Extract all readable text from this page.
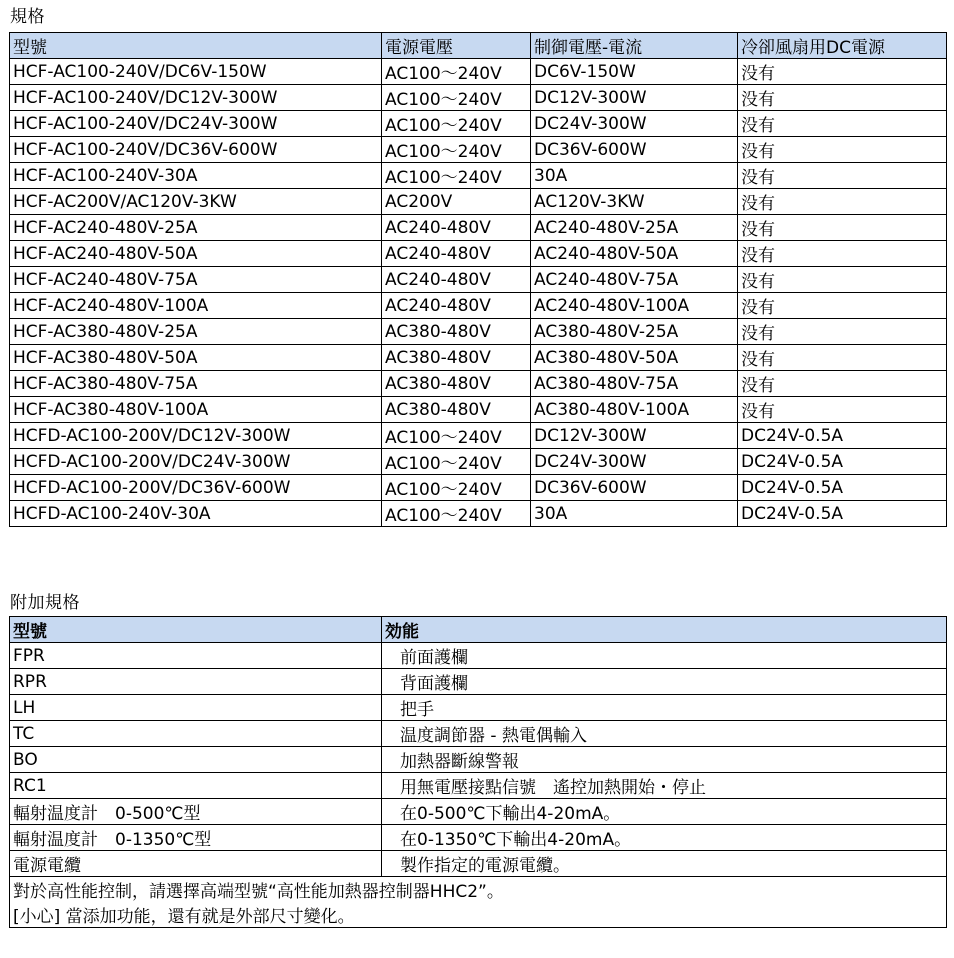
規格
型號	電源電壓	制御電壓-電流	冷卻風扇用DC電源
HCF-AC100-240V/DC6V-150W	AC100〜240V	DC6V-150W	没有
HCF-AC100-240V/DC12V-300W	AC100〜240V	DC12V-300W	没有
HCF-AC100-240V/DC24V-300W	AC100〜240V	DC24V-300W	没有
HCF-AC100-240V/DC36V-600W	AC100〜240V	DC36V-600W	没有
HCF-AC100-240V-30A	AC100〜240V	30A	没有
HCF-AC200V/AC120V-3KW	AC200V	AC120V-3KW	没有
HCF-AC240-480V-25A	AC240-480V	AC240-480V-25A	没有
HCF-AC240-480V-50A	AC240-480V	AC240-480V-50A	没有
HCF-AC240-480V-75A	AC240-480V	AC240-480V-75A	没有
HCF-AC240-480V-100A	AC240-480V	AC240-480V-100A	没有
HCF-AC380-480V-25A	AC380-480V	AC380-480V-25A	没有
HCF-AC380-480V-50A	AC380-480V	AC380-480V-50A	没有
HCF-AC380-480V-75A	AC380-480V	AC380-480V-75A	没有
HCF-AC380-480V-100A	AC380-480V	AC380-480V-100A	没有
HCFD-AC100-200V/DC12V-300W	AC100〜240V	DC12V-300W	DC24V-0.5A
HCFD-AC100-200V/DC24V-300W	AC100〜240V	DC24V-300W	DC24V-0.5A
HCFD-AC100-200V/DC36V-600W	AC100〜240V	DC36V-600W	DC24V-0.5A
HCFD-AC100-240V-30A	AC100〜240V	30A	DC24V-0.5A
附加規格
型號	効能
FPR	前面護欄
RPR	背面護欄
LH	把手
TC	温度調節器 - 熱電偶輸入
BO	加熱器斷線警報
RC1	用無電壓接點信號　遙控加熱開始・停止
輻射温度計　0-500℃型	在0-500℃下輸出4-20mA。
輻射温度計　0-1350℃型	在0-1350℃下輸出4-20mA。
電源電纜	製作指定的電源電纜。
對於高性能控制，請選擇高端型號“高性能加熱器控制器HHC2”。	
[小心] 當添加功能，還有就是外部尺寸變化。	
